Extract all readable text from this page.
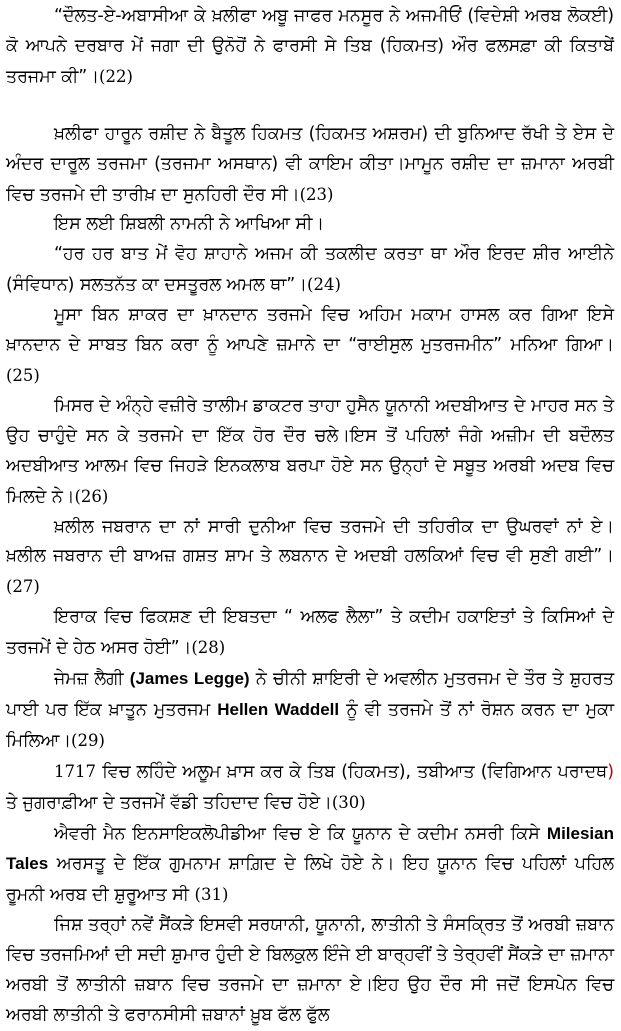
“ਦੌਲਤ-ਏ-ਅਬਾਸੀਆ ਕੇ ਖ਼ਲੀਫਾ ਅਬੂ ਜਾਫਰ ਮਨਸੂਰ ਨੇ ਅਜਮੀਓਂ (ਵਿਦੇਸ਼ੀ ਅਰਬ ਲੋਕਈ) ਕੋ ਆਪਨੇ ਦਰਬਾਰ ਮੇਂ ਜਗਾ ਦੀ ਉਨੋਹੋਂ ਨੇ ਫਾਰਸੀ ਸੇ ਤਿਬ (ਹਿਕਮਤ) ਔਰ ਫਲਸਫ਼ਾ ਕੀ ਕਿਤਾਬੇਂ ਤਰਜਮਾ ਕੀ”।(22)
ਖ਼ਲੀਫਾ ਹਾਰੂਨ ਰਸ਼ੀਦ ਨੇ ਬੈਤੂਲ ਹਿਕਮਤ (ਹਿਕਮਤ ਅਸ਼ਰਮ) ਦੀ ਬੁਨਿਆਦ ਰੱਖੀ ਤੇ ਏਸ ਦੇ ਅੰਦਰ ਦਾਰੂਲ ਤਰਜਮਾ (ਤਰਜਮਾ ਅਸਥਾਨ) ਵੀ ਕਾਇਮ ਕੀਤਾ।ਮਾਮੂਨ ਰਸ਼ੀਦ ਦਾ ਜ਼ਮਾਨਾ ਅਰਬੀ ਵਿਚ ਤਰਜਮੇ ਦੀ ਤਾਰੀਖ਼ ਦਾ ਸੁਨਹਿਰੀ ਦੌਰ ਸੀ।(23)
ਇਸ ਲਈ ਸ਼ਿਬਲੀ ਨਾਮਨੀ ਨੇ ਆਖਿਆ ਸੀ।
“ਹਰ ਹਰ ਬਾਤ ਮੇਂ ਵੋਹ ਸ਼ਾਹਾਨੇ ਅਜਮ ਕੀ ਤਕਲੀਦ ਕਰਤਾ ਥਾ ਔਰ ਇਰਦ ਸ਼ੀਰ ਆਈਨੇ (ਸੰਵਿਧਾਨ) ਸਲਤਨੱਤ ਕਾ ਦਸਤੂਰਲ ਅਮਲ ਥਾ”।(24)
ਮੂਸਾ ਬਿਨ ਸ਼ਾਕਰ ਦਾ ਖ਼ਾਨਦਾਨ ਤਰਜਮੇ ਵਿਚ ਅਹਿਮ ਮਕਾਮ ਹਾਸਲ ਕਰ ਗਿਆ ਇਸੇ ਖ਼ਾਨਦਾਨ ਦੇ ਸਾਬਤ ਬਿਨ ਕਰਾ ਨੂੰ ਆਪਣੇ ਜ਼ਮਾਨੇ ਦਾ “ਰਾਈਸੁਲ ਮੁਤਰਜਮੀਨ” ਮਨਿਆ ਗਿਆ।(25)
ਮਿਸਰ ਦੇ ਅੰਨ੍ਹੇ ਵਜ਼ੀਰੇ ਤਾਲੀਮ ਡਾਕਟਰ ਤਾਹਾ ਹੁਸੈਨ ਯੂਨਾਨੀ ਅਦਬੀਆਤ ਦੇ ਮਾਹਰ ਸਨ ਤੇ ਉਹ ਚਾਹੁੰਦੇ ਸਨ ਕੇ ਤਰਜਮੇ ਦਾ ਇੱਕ ਹੋਰ ਦੌਰ ਚਲੇ।ਇਸ ਤੋਂ ਪਹਿਲਾਂ ਜੰਗੇ ਅਜ਼ੀਮ ਦੀ ਬਦੌਲਤ ਅਦਬੀਆਤ ਆਲਮ ਵਿਚ ਜਿਹੜੇ ਇਨਕਲਾਬ ਬਰਪਾ ਹੋਏ ਸਨ ਉਨ੍ਹਾਂ ਦੇ ਸਬੂਤ ਅਰਬੀ ਅਦਬ ਵਿਚ ਮਿਲਦੇ ਨੇ।(26)
ਖ਼ਲੀਲ ਜਬਰਾਨ ਦਾ ਨਾਂ ਸਾਰੀ ਦੁਨੀਆ ਵਿਚ ਤਰਜਮੇ ਦੀ ਤਹਿਰੀਕ ਦਾ ਉਘਰਵਾਂ ਨਾਂ ਏ।ਖ਼ਲੀਲ ਜਬਰਾਨ ਦੀ ਬਾਅਜ਼ ਗਸ਼ਤ ਸ਼ਾਮ ਤੇ ਲਬਨਾਨ ਦੇ ਅਦਬੀ ਹਲਕਿਆਂ ਵਿਚ ਵੀ ਸੁਣੀ ਗਈ”।(27)
ਇਰਾਕ ਵਿਚ ਫਿਕਸ਼ਣ ਦੀ ਇਬਤਦਾ “ ਅਲਫ ਲੈਲਾ” ਤੇ ਕਦੀਮ ਹਕਾਇਤਾਂ ਤੇ ਕਿਸਿਆਂ ਦੇ ਤਰਜਮੇਂ ਦੇ ਹੇਠ ਅਸਰ ਹੋਈ”।(28)
ਜੇਮਜ਼ ਲੈਗੀ (James Legge) ਨੇ ਚੀਨੀ ਸ਼ਾਇਰੀ ਦੇ ਅਵਲੀਨ ਮੁਤਰਜਮ ਦੇ ਤੌਰ ਤੇ ਸ਼ੁਹਰਤ ਪਾਈ ਪਰ ਇੱਕ ਖ਼ਾਤੂਨ ਮੁਤਰਜਮ Hellen Waddell ਨੂੰ ਵੀ ਤਰਜਮੇ ਤੋਂ ਨਾਂ ਰੋਸ਼ਨ ਕਰਨ ਦਾ ਮੁਕਾ ਮਿਲਿਆ।(29)
1717 ਵਿਚ ਲਹਿੰਦੇ ਅਲੂਮ ਖ਼ਾਸ ਕਰ ਕੇ ਤਿਬ (ਹਿਕਮਤ), ਤਬੀਆਤ (ਵਿਗਿਆਨ ਪਰਾਦਥ) ਤੇ ਜੁਗਰਾਫ਼ੀਆ ਦੇ ਤਰਜਮੇਂ ਵੱਡੀ ਤਹਿਦਾਦ ਵਿਚ ਹੋਏ।(30)
ਐਵਰੀ ਮੈਨ ਇਨਸਾਇਕਲੋਪੀਡੀਆ ਵਿਚ ਏ ਕਿ ਯੂਨਾਨ ਦੇ ਕਦੀਮ ਨਸਰੀ ਕਿਸੇ Milesian Tales ਅਰਸਤੂ ਦੇ ਇੱਕ ਗੁਮਨਾਮ ਸ਼ਾਗ਼ਿਦ ਦੇ ਲਿਖੇ ਹੋਏ ਨੇ। ਇਹ ਯੂਨਾਨ ਵਿਚ ਪਹਿਲਾਂ ਪਹਿਲ ਰੂਮਨੀ ਅਰਬ ਦੀ ਸ਼ੁਰੂਆਤ ਸੀ (31)
ਜਿਸ਼ ਤਰ੍ਹਾਂ ਨਵੇਂ ਸੈਂਕੜੇ ਇਸਵੀ ਸਰਯਾਨੀ, ਯੂਨਾਨੀ, ਲਾਤੀਨੀ ਤੇ ਸੰਸਕ੍ਰਿਤ ਤੋਂ ਅਰਬੀ ਜ਼ਬਾਨ ਵਿਚ ਤਰਜਮਿਆਂ ਦੀ ਸਦੀ ਸ਼ੁਮਾਰ ਹੁੰਦੀ ਏ ਬਿਲਕੁਲ ਇੰਜੇ ਈ ਬਾਰ੍ਹਵੀਂ ਤੇ ਤੇਰ੍ਹਵੀਂ ਸੈਂਕੜੇ ਦਾ ਜ਼ਮਾਨਾ ਅਰਬੀ ਤੋਂ ਲਾਤੀਨੀ ਜ਼ਬਾਨ ਵਿਚ ਤਰਜਮੇ ਦਾ ਜ਼ਮਾਨਾ ਏ।ਇਹ ਉਹ ਦੌਰ ਸੀ ਜਦੋਂ ਇਸਪੇਨ ਵਿਚ ਅਰਬੀ ਲਾਤੀਨੀ ਤੇ ਫਰਾਨਸੀਸੀ ਜ਼ਬਾਨਾਂ ਖ਼ੂਬ ਫੱਲ ਫੁੱਲ
